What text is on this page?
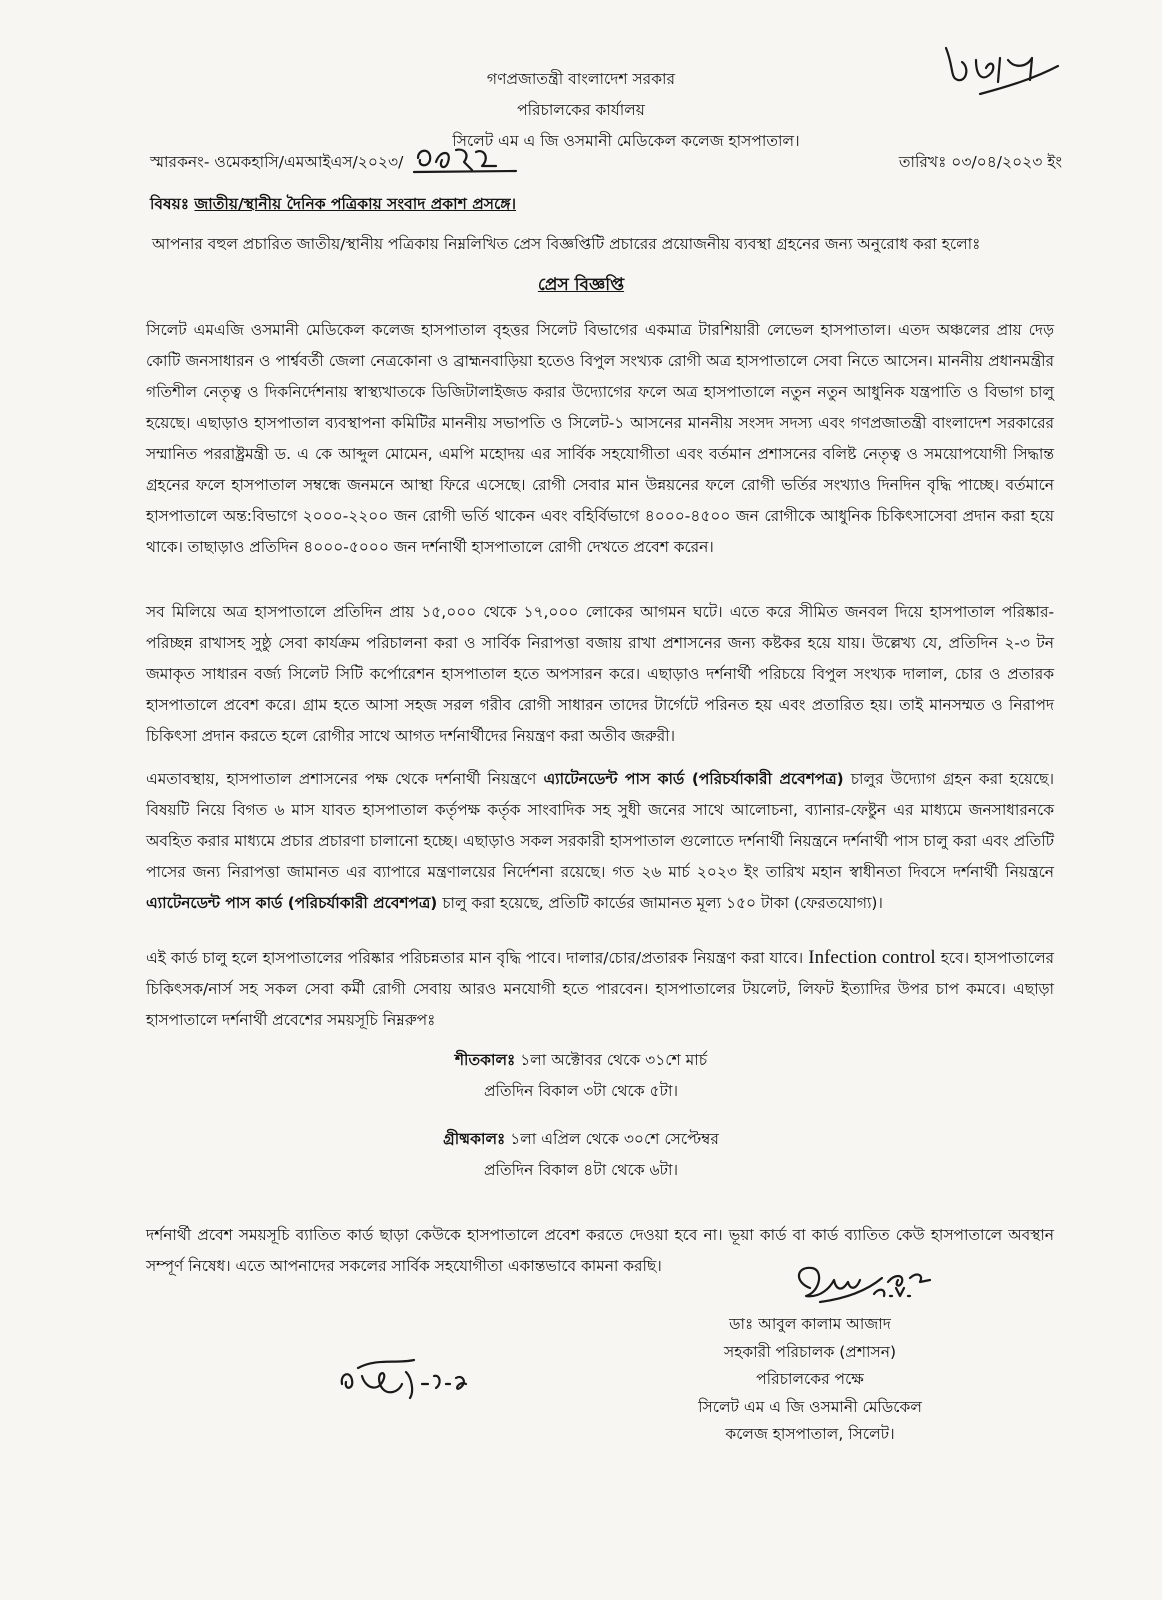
গণপ্রজাতন্ত্রী বাংলাদেশ সরকার
পরিচালকের কার্যালয়
সিলেট এম এ জি ওসমানী মেডিকেল কলেজ হাসপাতাল।
স্মারকনং- ওমেকহাসি/এমআইএস/২০২৩/	তারিখঃ ০৩/০৪/২০২৩ ইং
বিষয়ঃ জাতীয়/স্থানীয় দৈনিক পত্রিকায় সংবাদ প্রকাশ প্রসঙ্গে।
আপনার বহুল প্রচারিত জাতীয়/স্থানীয় পত্রিকায় নিম্নলিখিত প্রেস বিজ্ঞপ্তিটি প্রচারের প্রয়োজনীয় ব্যবস্থা গ্রহনের জন্য অনুরোধ করা হলোঃ
প্রেস বিজ্ঞপ্তি
সিলেট এমএজি ওসমানী মেডিকেল কলেজ হাসপাতাল বৃহত্তর সিলেট বিভাগের একমাত্র টারশিয়ারী লেভেল হাসপাতাল। এতদ অঞ্চলের প্রায় দেড় কোটি জনসাধারন ও পার্শ্ববর্তী জেলা নেত্রকোনা ও ব্রাহ্মনবাড়িয়া হতেও বিপুল সংখ্যক রোগী অত্র হাসপাতালে সেবা নিতে আসেন। মাননীয় প্রধানমন্ত্রীর গতিশীল নেতৃত্ব ও দিকনির্দেশনায় স্বাস্থ্যখাতকে ডিজিটালাইজড করার উদ্যোগের ফলে অত্র হাসপাতালে নতুন নতুন আধুনিক যন্ত্রপাতি ও বিভাগ চালু হয়েছে। এছাড়াও হাসপাতাল ব্যবস্থাপনা কমিটির মাননীয় সভাপতি ও সিলেট-১ আসনের মাননীয় সংসদ সদস্য এবং গণপ্রজাতন্ত্রী বাংলাদেশ সরকারের সম্মানিত পররাষ্ট্রমন্ত্রী ড. এ কে আব্দুল মোমেন, এমপি মহোদয় এর সার্বিক সহযোগীতা এবং বর্তমান প্রশাসনের বলিষ্ট নেতৃত্ব ও সময়োপযোগী সিদ্ধান্ত গ্রহনের ফলে হাসপাতাল সম্বন্ধে জনমনে আস্থা ফিরে এসেছে। রোগী সেবার মান উন্নয়নের ফলে রোগী ভর্তির সংখ্যাও দিনদিন বৃদ্ধি পাচ্ছে। বর্তমানে হাসপাতালে অন্ত:বিভাগে ২০০০-২২০০ জন রোগী ভর্তি থাকেন এবং বহির্বিভাগে ৪০০০-৪৫০০ জন রোগীকে আধুনিক চিকিৎসাসেবা প্রদান করা হয়ে থাকে। তাছাড়াও প্রতিদিন ৪০০০-৫০০০ জন দর্শনার্থী হাসপাতালে রোগী দেখতে প্রবেশ করেন।
সব মিলিয়ে অত্র হাসপাতালে প্রতিদিন প্রায় ১৫,০০০ থেকে ১৭,০০০ লোকের আগমন ঘটে। এতে করে সীমিত জনবল দিয়ে হাসপাতাল পরিষ্কার-পরিচ্ছন্ন রাখাসহ সুষ্ঠু সেবা কার্যক্রম পরিচালনা করা ও সার্বিক নিরাপত্তা বজায় রাখা প্রশাসনের জন্য কষ্টকর হয়ে যায়। উল্লেখ্য যে, প্রতিদিন ২-৩ টন জমাকৃত সাধারন বর্জ্য সিলেট সিটি কর্পোরেশন হাসপাতাল হতে অপসারন করে। এছাড়াও দর্শনার্থী পরিচয়ে বিপুল সংখ্যক দালাল, চোর ও প্রতারক হাসপাতালে প্রবেশ করে। গ্রাম হতে আসা সহজ সরল গরীব রোগী সাধারন তাদের টার্গেটে পরিনত হয় এবং প্রতারিত হয়। তাই মানসম্মত ও নিরাপদ চিকিৎসা প্রদান করতে হলে রোগীর সাথে আগত দর্শনার্থীদের নিয়ন্ত্রণ করা অতীব জরুরী।
এমতাবস্থায়, হাসপাতাল প্রশাসনের পক্ষ থেকে দর্শনার্থী নিয়ন্ত্রণে এ্যাটেনডেন্ট পাস কার্ড (পরিচর্যাকারী প্রবেশপত্র) চালুর উদ্যোগ গ্রহন করা হয়েছে। বিষয়টি নিয়ে বিগত ৬ মাস যাবত হাসপাতাল কর্তৃপক্ষ কর্তৃক সাংবাদিক সহ সুধী জনের সাথে আলোচনা, ব্যানার-ফেষ্টুন এর মাধ্যমে জনসাধারনকে অবহিত করার মাধ্যমে প্রচার প্রচারণা চালানো হচ্ছে। এছাড়াও সকল সরকারী হাসপাতাল গুলোতে দর্শনার্থী নিয়ন্ত্রনে দর্শনার্থী পাস চালু করা এবং প্রতিটি পাসের জন্য নিরাপত্তা জামানত এর ব্যাপারে মন্ত্রণালয়ের নির্দেশনা রয়েছে। গত ২৬ মার্চ ২০২৩ ইং তারিখ মহান স্বাধীনতা দিবসে দর্শনার্থী নিয়ন্ত্রনে এ্যাটেনডেন্ট পাস কার্ড (পরিচর্যাকারী প্রবেশপত্র) চালু করা হয়েছে, প্রতিটি কার্ডের জামানত মূল্য ১৫০ টাকা (ফেরতযোগ্য)।
এই কার্ড চালু হলে হাসপাতালের পরিষ্কার পরিচন্নতার মান বৃদ্ধি পাবে। দালার/চোর/প্রতারক নিয়ন্ত্রণ করা যাবে। Infection control হবে। হাসপাতালের চিকিৎসক/নার্স সহ সকল সেবা কর্মী রোগী সেবায় আরও মনযোগী হতে পারবেন। হাসপাতালের টয়লেট, লিফট ইত্যাদির উপর চাপ কমবে। এছাড়া হাসপাতালে দর্শনার্থী প্রবেশের সময়সূচি নিম্নরুপঃ
শীতকালঃ ১লা অক্টোবর থেকে ৩১শে মার্চ
প্রতিদিন বিকাল ৩টা থেকে ৫টা।
গ্রীষ্মকালঃ ১লা এপ্রিল থেকে ৩০শে সেপ্টেম্বর
প্রতিদিন বিকাল ৪টা থেকে ৬টা।
দর্শনার্থী প্রবেশ সময়সূচি ব্যাতিত কার্ড ছাড়া কেউকে হাসপাতালে প্রবেশ করতে দেওয়া হবে না। ভূয়া কার্ড বা কার্ড ব্যাতিত কেউ হাসপাতালে অবস্থান সম্পূর্ণ নিষেধ। এতে আপনাদের সকলের সার্বিক সহযোগীতা একান্তভাবে কামনা করছি।
ডাঃ আবুল কালাম আজাদ
সহকারী পরিচালক (প্রশাসন)
পরিচালকের পক্ষে
সিলেট এম এ জি ওসমানী মেডিকেল
কলেজ হাসপাতাল, সিলেট।
